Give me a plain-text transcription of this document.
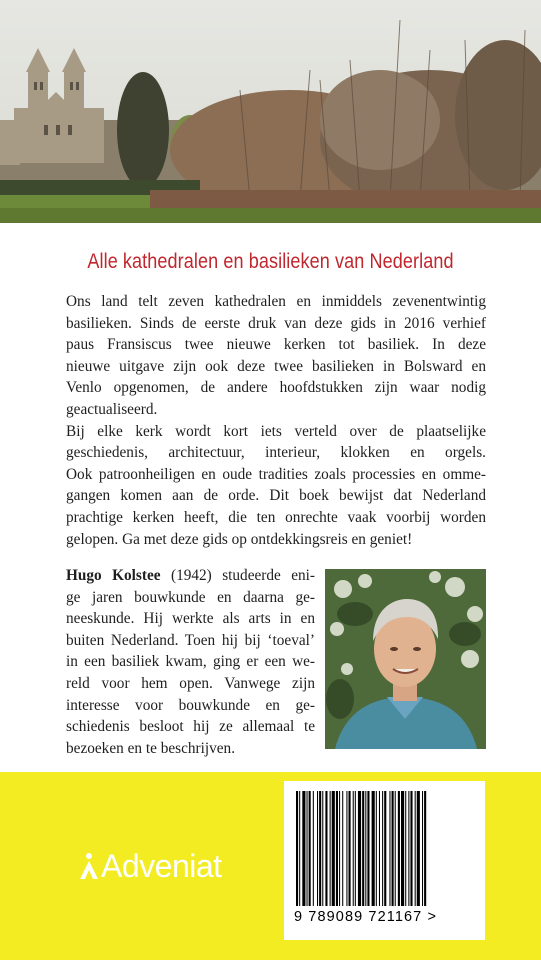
Alle kathedralen en basilieken van Nederland
Ons land telt zeven kathedralen en inmiddels zevenentwintig
basilieken. Sinds de eerste druk van deze gids in 2016 verhief
paus Fransiscus twee nieuwe kerken tot basiliek. In deze
nieuwe uitgave zijn ook deze twee basilieken in Bolsward en
Venlo opgenomen, de andere hoofdstukken zijn waar nodig
geactualiseerd.
Bij elke kerk wordt kort iets verteld over de plaatselijke
geschiedenis, architectuur, interieur, klokken en orgels.
Ook patroonheiligen en oude tradities zoals processies en omme-
gangen komen aan de orde. Dit boek bewijst dat Nederland
prachtige kerken heeft, die ten onrechte vaak voorbij worden
gelopen. Ga met deze gids op ontdekkingsreis en geniet!
Hugo Kolstee (1942) studeerde eni-
ge jaren bouwkunde en daarna ge-
neeskunde. Hij werkte als arts in en
buiten Nederland. Toen hij bij ‘toeval’
in een basiliek kwam, ging er een we-
reld voor hem open. Vanwege zijn
interesse voor bouwkunde en ge-
schiedenis besloot hij ze allemaal te
bezoeken en te beschrijven.
Adveniat
9 789089 721167 >
